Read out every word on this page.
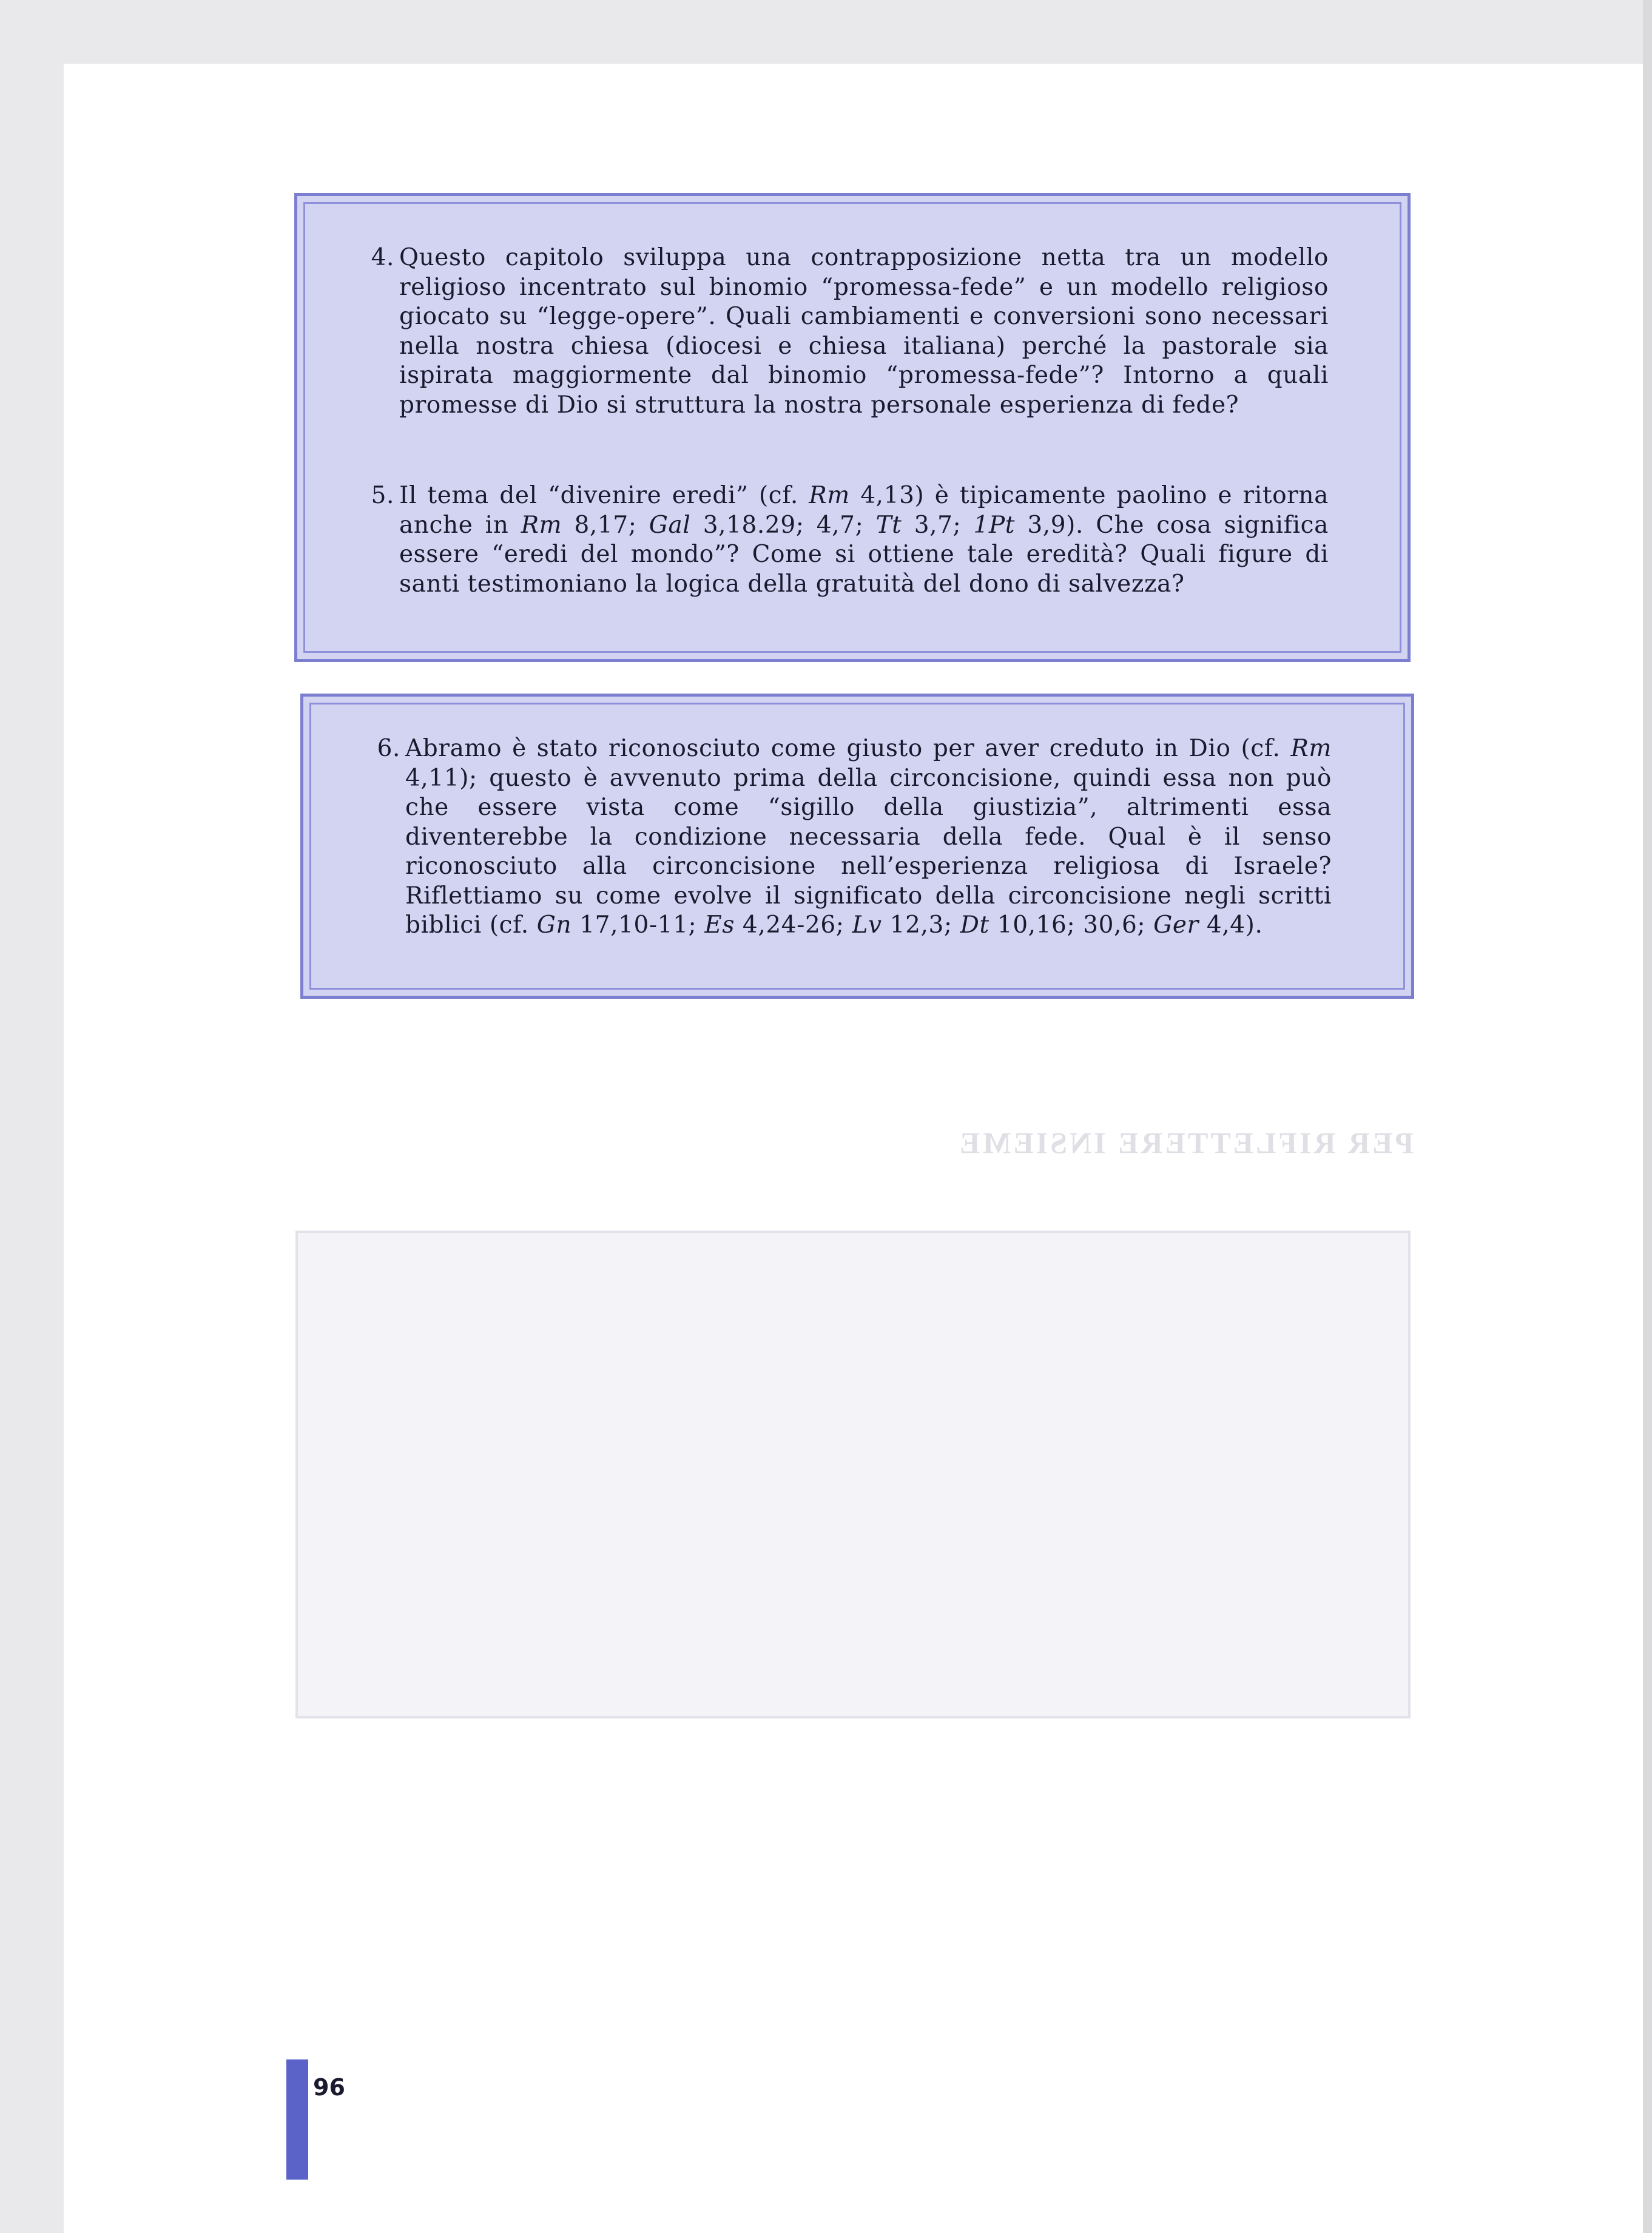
PER RIFLETTERE INSIEME
4. Questo capitolo sviluppa una contrapposizione netta tra un modello religioso incentrato sul binomio “promessa-fede” e un modello religioso giocato su “legge-opere”. Quali cambiamenti e conversioni sono necessari nella nostra chiesa (diocesi e chiesa italiana) perché la pastorale sia ispirata maggiormente dal binomio “promessa-fede”? Intorno a quali promesse di Dio si struttura la nostra personale esperienza di fede?
5. Il tema del “divenire eredi” (cf. Rm 4,13) è tipicamente paolino e ritorna anche in Rm 8,17; Gal 3,18.29; 4,7; Tt 3,7; 1Pt 3,9). Che cosa significa essere “eredi del mondo”? Come si ottiene tale eredità? Quali figure di santi testimoniano la logica della gratuità del dono di salvezza?
6. Abramo è stato riconosciuto come giusto per aver creduto in Dio (cf. Rm 4,11); questo è avvenuto prima della circoncisione, quindi essa non può che essere vista come “sigillo della giustizia”, altrimenti essa diventerebbe la condizione necessaria della fede. Qual è il senso riconosciuto alla circoncisione nell’esperienza religiosa di Israele? Riflettiamo su come evolve il significato della circoncisione negli scritti biblici (cf. Gn 17,10-11; Es 4,24-26; Lv 12,3; Dt 10,16; 30,6; Ger 4,4).
96
